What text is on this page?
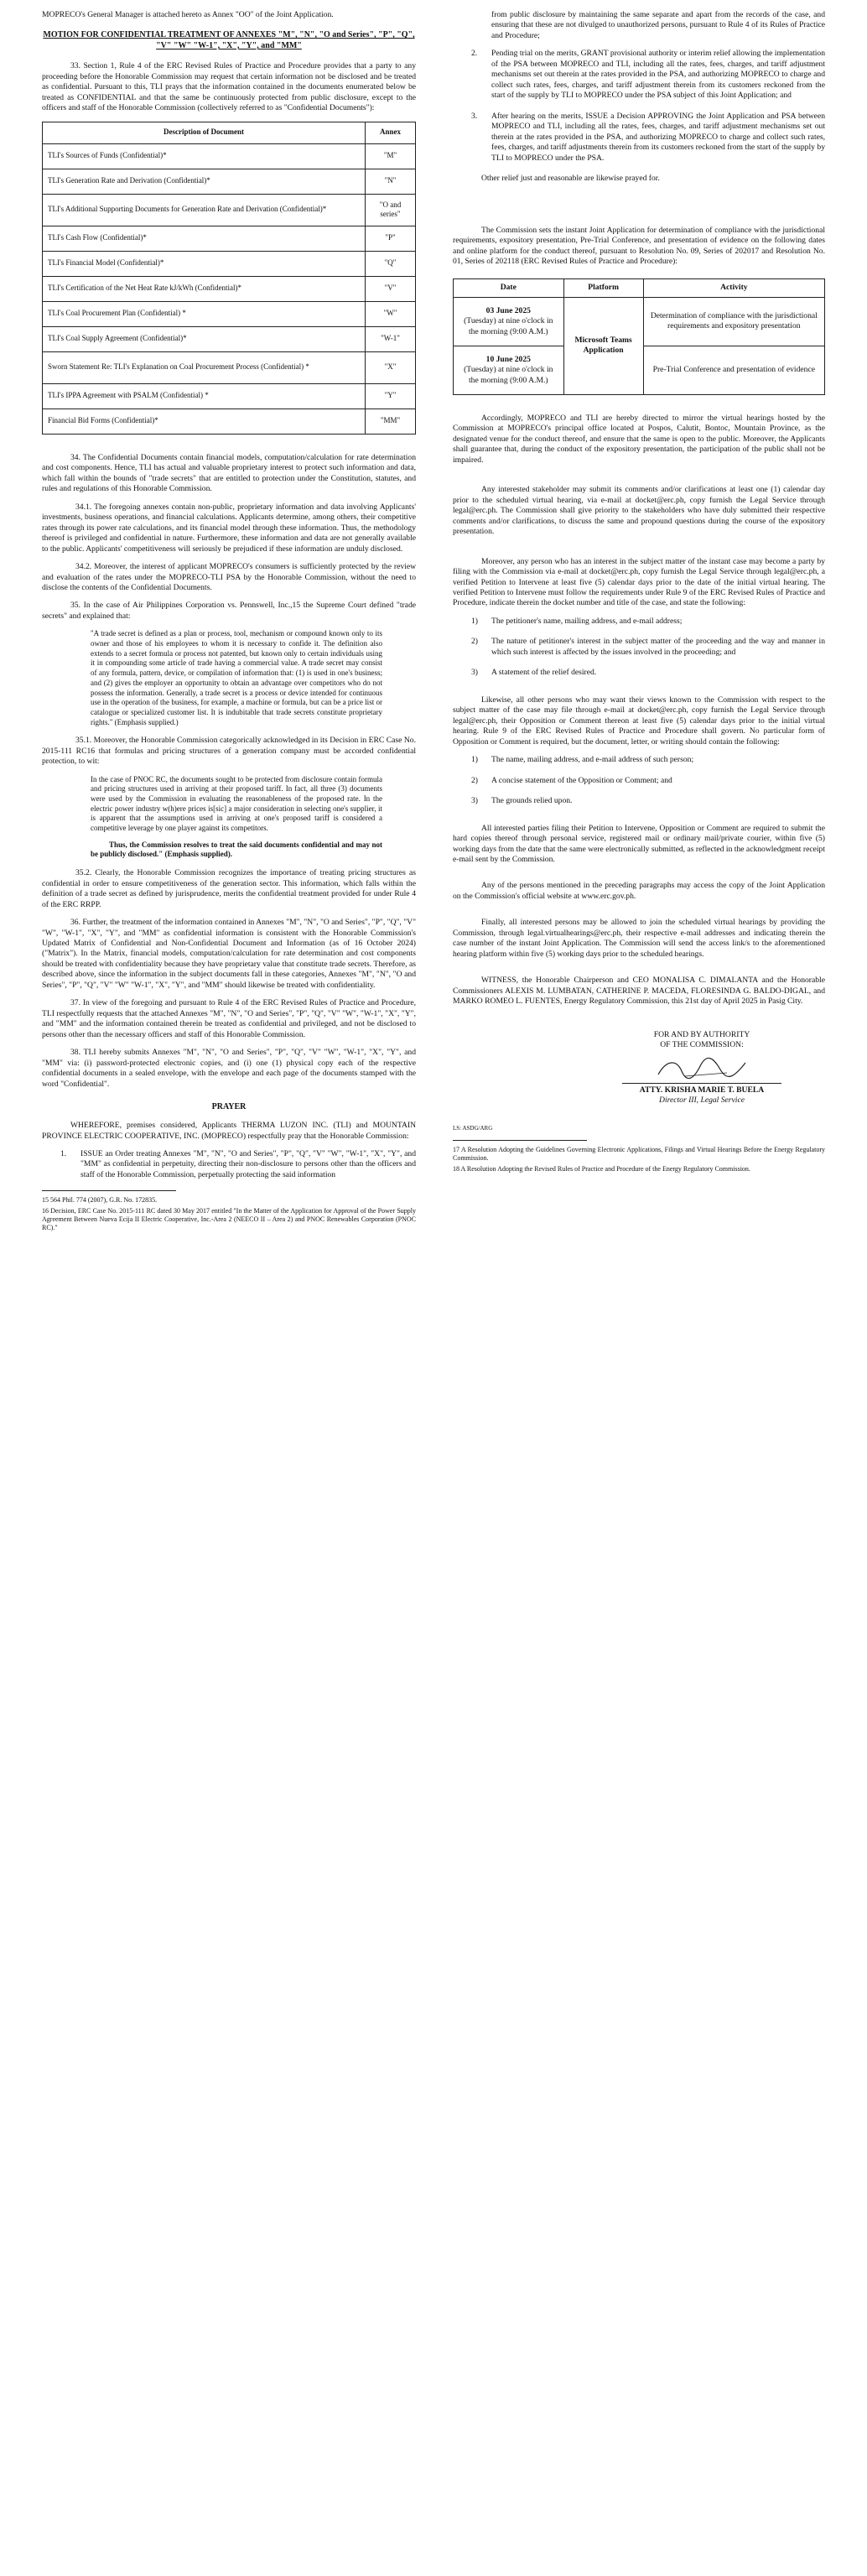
MOPRECO's General Manager is attached hereto as Annex "OO" of the Joint Application.

MOTION FOR CONFIDENTIAL TREATMENT OF ANNEXES "M", "N", "O and Series", "P", "Q", "V" "W" "W-1", "X", "Y", and "MM"

33. Section 1, Rule 4 of the ERC Revised Rules of Practice and Procedure provides that a party to any proceeding before the Honorable Commission may request that certain information not be disclosed and be treated as confidential. Pursuant to this, TLI prays that the information contained in the documents enumerated below be treated as CONFIDENTIAL and that the same be continuously protected from public disclosure, except to the officers and staff of the Honorable Commission (collectively referred to as "Confidential Documents"):

Description of Document	Annex
TLI's Sources of Funds (Confidential)*	"M"
TLI's Generation Rate and Derivation (Confidential)*	"N"
TLI's Additional Supporting Documents for Generation Rate and Derivation (Confidential)*	"O and series"
TLI's Cash Flow (Confidential)*	"P"
TLI's Financial Model (Confidential)*	"Q"
TLI's Certification of the Net Heat Rate kJ/kWh (Confidential)*	"V"
TLI's Coal Procurement Plan (Confidential) *	"W"
TLI's Coal Supply Agreement (Confidential)*	"W-1"
Sworn Statement Re: TLI's Explanation on Coal Procurement Process (Confidential) *	"X"
TLI's IPPA Agreement with PSALM (Confidential) *	"Y"
Financial Bid Forms (Confidential)*	"MM"

34. The Confidential Documents contain financial models, computation/calculation for rate determination and cost components. Hence, TLI has actual and valuable proprietary interest to protect such information and data, which fall within the bounds of "trade secrets" that are entitled to protection under the Constitution, statutes, and rules and regulations of this Honorable Commission.

34.1. The foregoing annexes contain non-public, proprietary information and data involving Applicants' investments, business operations, and financial calculations. Applicants determine, among others, their competitive rates through its power rate calculations, and its financial model through these information. Thus, the methodology thereof is privileged and confidential in nature. Furthermore, these information and data are not generally available to the public. Applicants' competitiveness will seriously be prejudiced if these information are unduly disclosed.

34.2. Moreover, the interest of applicant MOPRECO's consumers is sufficiently protected by the review and evaluation of the rates under the MOPRECO-TLI PSA by the Honorable Commission, without the need to disclose the contents of the Confidential Documents.

35. In the case of Air Philippines Corporation vs. Pennswell, Inc.,15 the Supreme Court defined "trade secrets" and explained that:

"A trade secret is defined as a plan or process, tool, mechanism or compound known only to its owner and those of his employees to whom it is necessary to confide it. The definition also extends to a secret formula or process not patented, but known only to certain individuals using it in compounding some article of trade having a commercial value. A trade secret may consist of any formula, pattern, device, or compilation of information that: (1) is used in one's business; and (2) gives the employer an opportunity to obtain an advantage over competitors who do not possess the information. Generally, a trade secret is a process or device intended for continuous use in the operation of the business, for example, a machine or formula, but can be a price list or catalogue or specialized customer list. It is indubitable that trade secrets constitute proprietary rights." (Emphasis supplied.)

35.1. Moreover, the Honorable Commission categorically acknowledged in its Decision in ERC Case No. 2015-111 RC16 that formulas and pricing structures of a generation company must be accorded confidential protection, to wit:

In the case of PNOC RC, the documents sought to be protected from disclosure contain formula and pricing structures used in arriving at their proposed tariff. In fact, all three (3) documents were used by the Commission in evaluating the reasonableness of the proposed rate. In the electric power industry w(h)ere prices is[sic] a major consideration in selecting one's supplier, it is apparent that the assumptions used in arriving at one's proposed tariff is considered a competitive leverage by one player against its competitors.

Thus, the Commission resolves to treat the said documents confidential and may not be publicly disclosed." (Emphasis supplied).

35.2. Clearly, the Honorable Commission recognizes the importance of treating pricing structures as confidential in order to ensure competitiveness of the generation sector. This information, which falls within the definition of a trade secret as defined by jurisprudence, merits the confidential treatment provided for under Rule 4 of the ERC RRPP.

36. Further, the treatment of the information contained in Annexes "M", "N", "O and Series", "P", "Q", "V" "W", "W-1", "X", "Y", and "MM" as confidential information is consistent with the Honorable Commission's Updated Matrix of Confidential and Non-Confidential Document and Information (as of 16 October 2024) ("Matrix"). In the Matrix, financial models, computation/calculation for rate determination and cost components should be treated with confidentiality because they have proprietary value that constitute trade secrets. Therefore, as described above, since the information in the subject documents fall in these categories, Annexes "M", "N", "O and Series", "P", "Q", "V" "W" "W-1", "X", "Y", and "MM" should likewise be treated with confidentiality.

37. In view of the foregoing and pursuant to Rule 4 of the ERC Revised Rules of Practice and Procedure, TLI respectfully requests that the attached Annexes "M", "N", "O and Series", "P", "Q", "V" "W", "W-1", "X", "Y", and "MM" and the information contained therein be treated as confidential and privileged, and not be disclosed to persons other than the necessary officers and staff of this Honorable Commission.

38. TLI hereby submits Annexes "M", "N", "O and Series", "P", "Q", "V" "W", "W-1", "X", "Y", and "MM" via: (i) password-protected electronic copies, and (i) one (1) physical copy each of the respective confidential documents in a sealed envelope, with the envelope and each page of the documents stamped with the word "Confidential".

PRAYER

WHEREFORE, premises considered, Applicants THERMA LUZON INC. (TLI) and MOUNTAIN PROVINCE ELECTRIC COOPERATIVE, INC. (MOPRECO) respectfully pray that the Honorable Commission:

1. ISSUE an Order treating Annexes "M", "N", "O and Series", "P", "Q", "V" "W", "W-1", "X", "Y", and "MM" as confidential in perpetuity, directing their non-disclosure to persons other than the officers and staff of the Honorable Commission, perpetually protecting the said information

15 564 Phil. 774 (2007), G.R. No. 172835.

16 Decision, ERC Case No. 2015-111 RC dated 30 May 2017 entitled "In the Matter of the Application for Approval of the Power Supply Agreement Between Nueva Ecija II Electric Cooperative, Inc.-Area 2 (NEECO II – Area 2) and PNOC Renewables Corporation (PNOC RC)."

from public disclosure by maintaining the same separate and apart from the records of the case, and ensuring that these are not divulged to unauthorized persons, pursuant to Rule 4 of its Rules of Practice and Procedure;

2. Pending trial on the merits, GRANT provisional authority or interim relief allowing the implementation of the PSA between MOPRECO and TLI, including all the rates, fees, charges, and tariff adjustment mechanisms set out therein at the rates provided in the PSA, and authorizing MOPRECO to charge and collect such rates, fees, charges, and tariff adjustment therein from its customers reckoned from the start of the supply by TLI to MOPRECO under the PSA subject of this Joint Application; and
3. After hearing on the merits, ISSUE a Decision APPROVING the Joint Application and PSA between MOPRECO and TLI, including all the rates, fees, charges, and tariff adjustment mechanisms set out therein at the rates provided in the PSA, and authorizing MOPRECO to charge and collect such rates, fees, charges, and tariff adjustments therein from its customers reckoned from the start of the supply by TLI to MOPRECO under the PSA.

Other relief just and reasonable are likewise prayed for.

The Commission sets the instant Joint Application for determination of compliance with the jurisdictional requirements, expository presentation, Pre-Trial Conference, and presentation of evidence on the following dates and online platform for the conduct thereof, pursuant to Resolution No. 09, Series of 202017 and Resolution No. 01, Series of 202118 (ERC Revised Rules of Practice and Procedure):

Date	Platform	Activity
03 June 2025
(Tuesday) at nine o'clock in the morning (9:00 A.M.)	Microsoft Teams Application	Determination of compliance with the jurisdictional requirements and expository presentation
10 June 2025
(Tuesday) at nine o'clock in the morning (9:00 A.M.)		Pre-Trial Conference and presentation of evidence

Accordingly, MOPRECO and TLI are hereby directed to mirror the virtual hearings hosted by the Commission at MOPRECO's principal office located at Pospos, Calutit, Bontoc, Mountain Province, as the designated venue for the conduct thereof, and ensure that the same is open to the public. Moreover, the Applicants shall guarantee that, during the conduct of the expository presentation, the participation of the public shall not be impaired.

Any interested stakeholder may submit its comments and/or clarifications at least one (1) calendar day prior to the scheduled virtual hearing, via e-mail at docket@erc.ph, copy furnish the Legal Service through legal@erc.ph. The Commission shall give priority to the stakeholders who have duly submitted their respective comments and/or clarifications, to discuss the same and propound questions during the course of the expository presentation.

Moreover, any person who has an interest in the subject matter of the instant case may become a party by filing with the Commission via e-mail at docket@erc.ph, copy furnish the Legal Service through legal@erc.ph, a verified Petition to Intervene at least five (5) calendar days prior to the date of the initial virtual hearing. The verified Petition to Intervene must follow the requirements under Rule 9 of the ERC Revised Rules of Practice and Procedure, indicate therein the docket number and title of the case, and state the following:

1) The petitioner's name, mailing address, and e-mail address;
2) The nature of petitioner's interest in the subject matter of the proceeding and the way and manner in which such interest is affected by the issues involved in the proceeding; and
3) A statement of the relief desired.

Likewise, all other persons who may want their views known to the Commission with respect to the subject matter of the case may file through e-mail at docket@erc.ph, copy furnish the Legal Service through legal@erc.ph, their Opposition or Comment thereon at least five (5) calendar days prior to the initial virtual hearing. Rule 9 of the ERC Revised Rules of Practice and Procedure shall govern. No particular form of Opposition or Comment is required, but the document, letter, or writing should contain the following:

1) The name, mailing address, and e-mail address of such person;
2) A concise statement of the Opposition or Comment; and
3) The grounds relied upon.

All interested parties filing their Petition to Intervene, Opposition or Comment are required to submit the hard copies thereof through personal service, registered mail or ordinary mail/private courier, within five (5) working days from the date that the same were electronically submitted, as reflected in the acknowledgment receipt e-mail sent by the Commission.

Any of the persons mentioned in the preceding paragraphs may access the copy of the Joint Application on the Commission's official website at www.erc.gov.ph.

Finally, all interested persons may be allowed to join the scheduled virtual hearings by providing the Commission, through legal.virtualhearings@erc.ph, their respective e-mail addresses and indicating therein the case number of the instant Joint Application. The Commission will send the access link/s to the aforementioned hearing platform within five (5) working days prior to the scheduled hearings.

WITNESS, the Honorable Chairperson and CEO MONALISA C. DIMALANTA and the Honorable Commissioners ALEXIS M. LUMBATAN, CATHERINE P. MACEDA, FLORESINDA G. BALDO-DIGAL, and MARKO ROMEO L. FUENTES, Energy Regulatory Commission, this 21st day of April 2025 in Pasig City.

FOR AND BY AUTHORITY
OF THE COMMISSION:
ATTY. KRISHA MARIE T. BUELA
Director III, Legal Service

LS: ASDG/ARG

17 A Resolution Adopting the Guidelines Governing Electronic Applications, Filings and Virtual Hearings Before the Energy Regulatory Commission.

18 A Resolution Adopting the Revised Rules of Practice and Procedure of the Energy Regulatory Commission.
